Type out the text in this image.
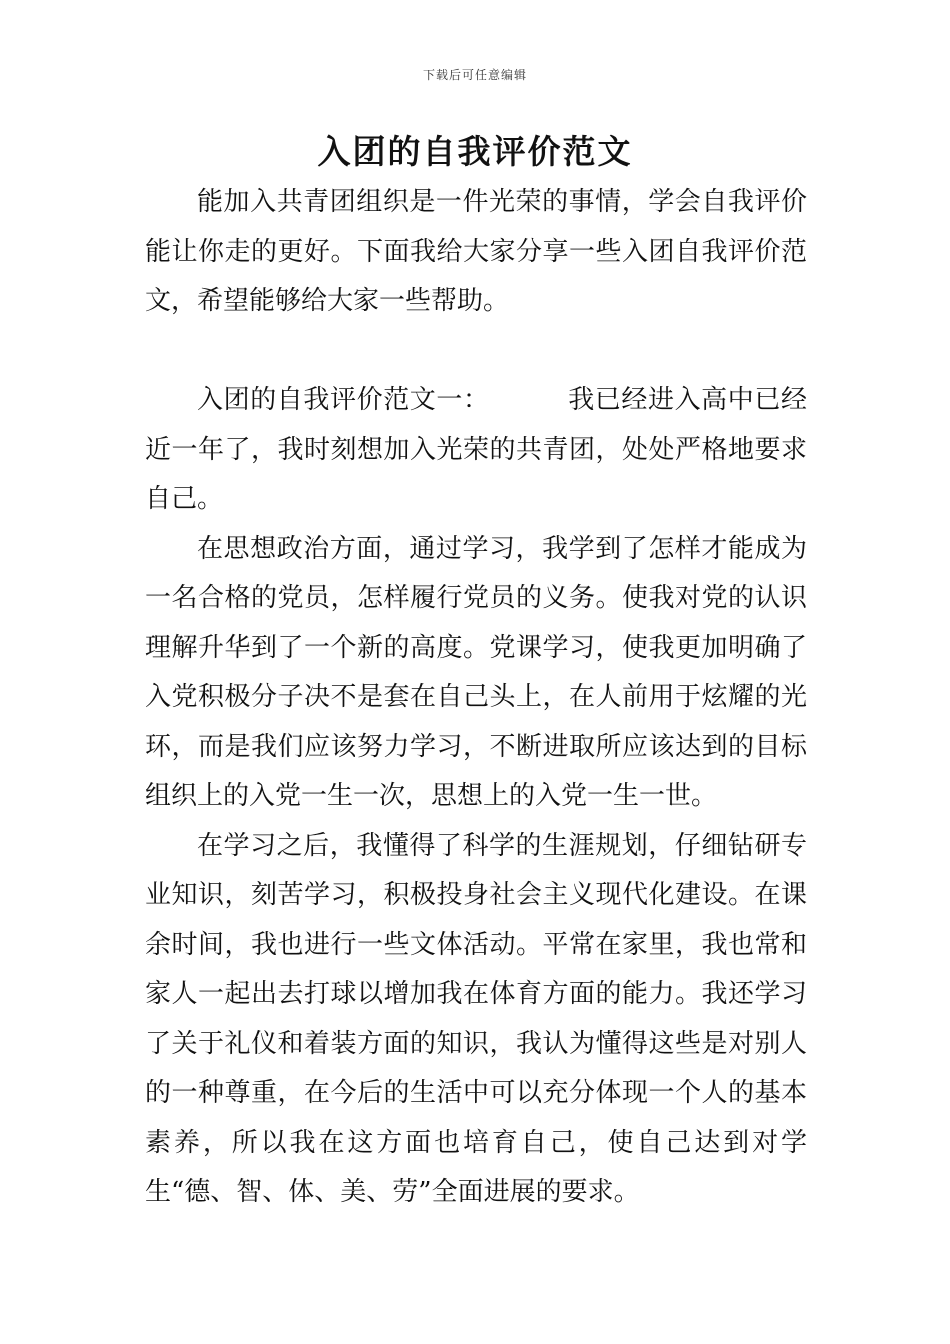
下载后可任意编辑
入团的自我评价范文

能加入共青团组织是一件光荣的事情，学会自我评价能让你走的更好。下面我给大家分享一些入团自我评价范文，希望能够给大家一些帮助。

入团的自我评价范文一：	我已经进入高中已经近一年了，我时刻想加入光荣的共青团，处处严格地要求自己。

在思想政治方面，通过学习，我学到了怎样才能成为一名合格的党员，怎样履行党员的义务。使我对党的认识理解升华到了一个新的高度。党课学习，使我更加明确了入党积极分子决不是套在自己头上，在人前用于炫耀的光环，而是我们应该努力学习，不断进取所应该达到的目标组织上的入党一生一次，思想上的入党一生一世。

在学习之后，我懂得了科学的生涯规划，仔细钻研专业知识，刻苦学习，积极投身社会主义现代化建设。在课余时间，我也进行一些文体活动。平常在家里，我也常和家人一起出去打球以增加我在体育方面的能力。我还学习了关于礼仪和着装方面的知识，我认为懂得这些是对别人的一种尊重，在今后的生活中可以充分体现一个人的基本素养，所以我在这方面也培育自己，使自己达到对学生“德、智、体、美、劳”全面进展的要求。
